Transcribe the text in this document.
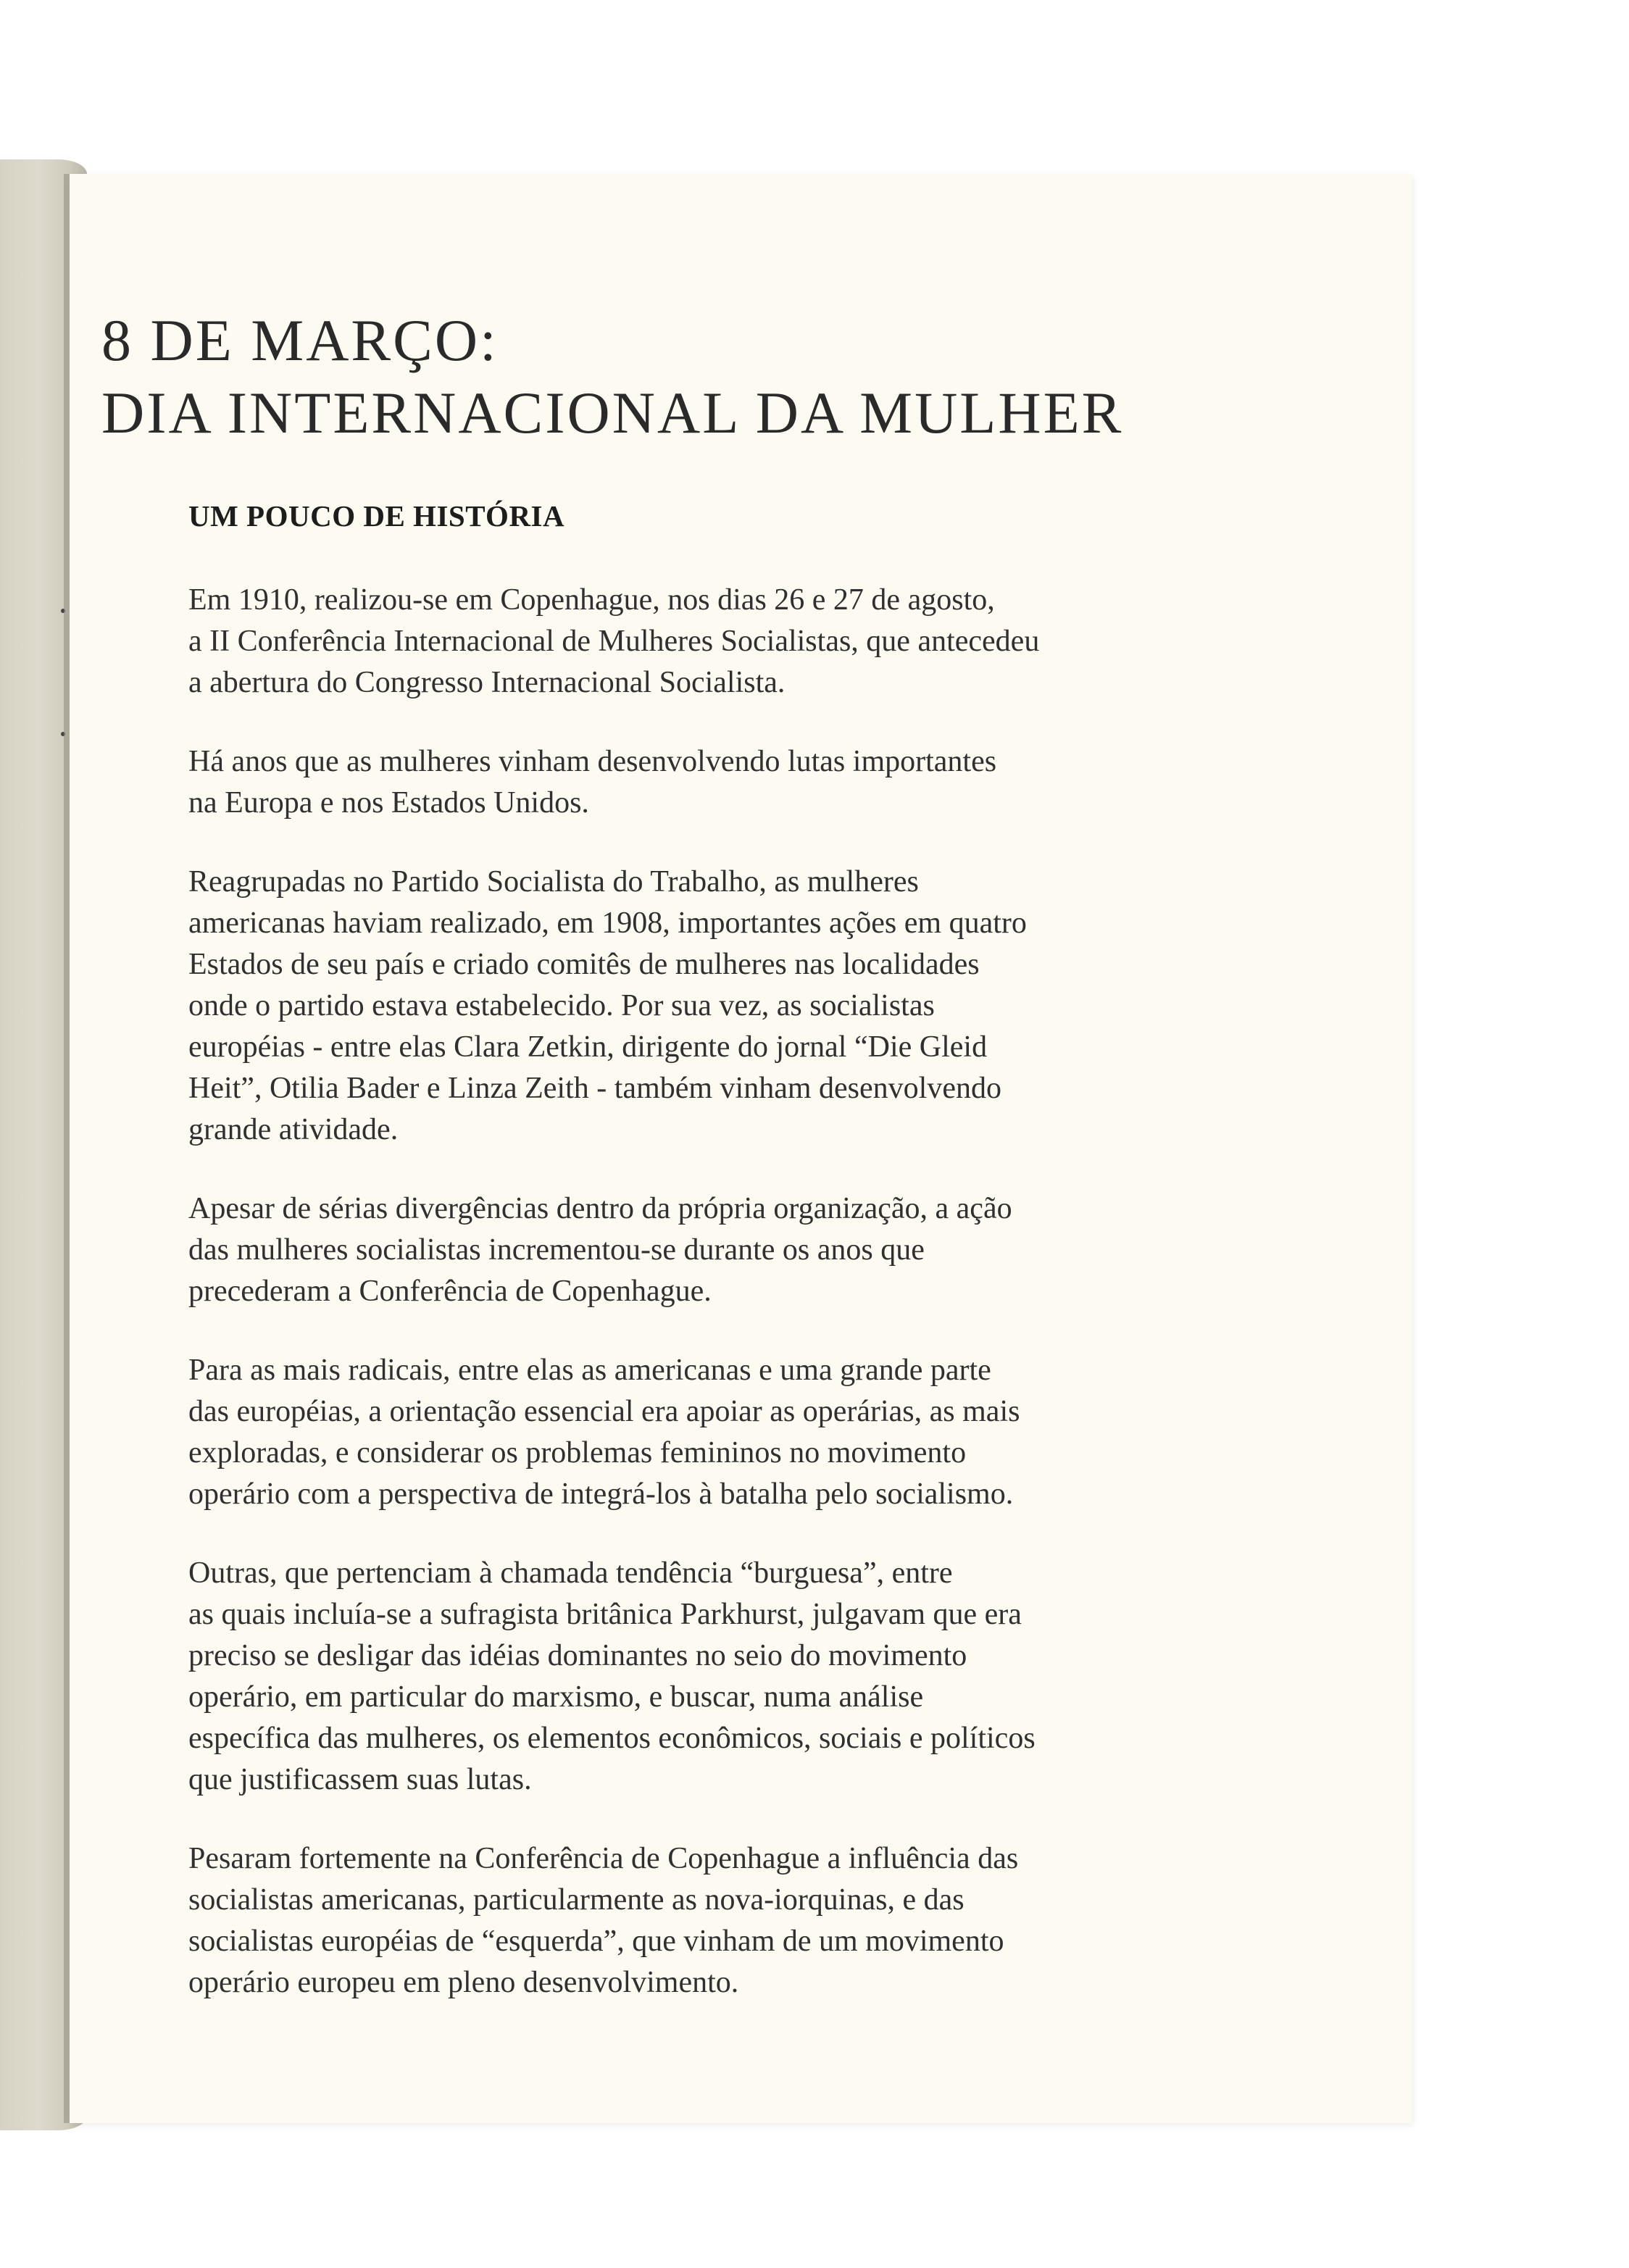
8 DE MARÇO:
DIA INTERNACIONAL DA MULHER
UM POUCO DE HISTÓRIA

Em 1910, realizou-se em Copenhague, nos dias 26 e 27 de agosto,
a II Conferência Internacional de Mulheres Socialistas, que antecedeu
a abertura do Congresso Internacional Socialista.

Há anos que as mulheres vinham desenvolvendo lutas importantes
na Europa e nos Estados Unidos.

Reagrupadas no Partido Socialista do Trabalho, as mulheres
americanas haviam realizado, em 1908, importantes ações em quatro
Estados de seu país e criado comitês de mulheres nas localidades
onde o partido estava estabelecido. Por sua vez, as socialistas
européias - entre elas Clara Zetkin, dirigente do jornal “Die Gleid
Heit”, Otilia Bader e Linza Zeith - também vinham desenvolvendo
grande atividade.

Apesar de sérias divergências dentro da própria organização, a ação
das mulheres socialistas incrementou-se durante os anos que
precederam a Conferência de Copenhague.

Para as mais radicais, entre elas as americanas e uma grande parte
das européias, a orientação essencial era apoiar as operárias, as mais
exploradas, e considerar os problemas femininos no movimento
operário com a perspectiva de integrá-los à batalha pelo socialismo.

Outras, que pertenciam à chamada tendência “burguesa”, entre
as quais incluía-se a sufragista britânica Parkhurst, julgavam que era
preciso se desligar das idéias dominantes no seio do movimento
operário, em particular do marxismo, e buscar, numa análise
específica das mulheres, os elementos econômicos, sociais e políticos
que justificassem suas lutas.

Pesaram fortemente na Conferência de Copenhague a influência das
socialistas americanas, particularmente as nova-iorquinas, e das
socialistas européias de “esquerda”, que vinham de um movimento
operário europeu em pleno desenvolvimento.
